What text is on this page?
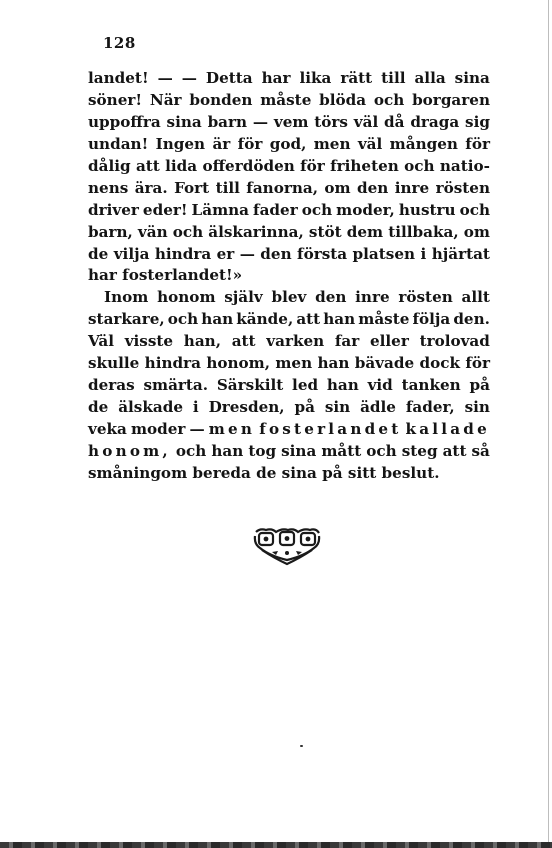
128
landet! — — Detta har lika rätt till alla sina
söner! När bonden måste blöda och borgaren
uppoffra sina barn — vem törs väl då draga sig
undan! Ingen är för god, men väl mången för
dålig att lida offerdöden för friheten och natio-
nens ära. Fort till fanorna, om den inre rösten
driver eder! Lämna fader och moder, hustru och
barn, vän och älskarinna, stöt dem tillbaka, om
de vilja hindra er — den första platsen i hjärtat
har fosterlandet!»
Inom honom själv blev den inre rösten allt
starkare, och han kände, att han måste följa den.
Väl visste han, att varken far eller trolovad
skulle hindra honom, men han bävade dock för
deras smärta. Särskilt led han vid tanken på
de älskade i Dresden, på sin ädle fader, sin
veka moder — men fosterlandet kallade
honom, och han tog sina mått och steg att så
småningom bereda de sina på sitt beslut.
